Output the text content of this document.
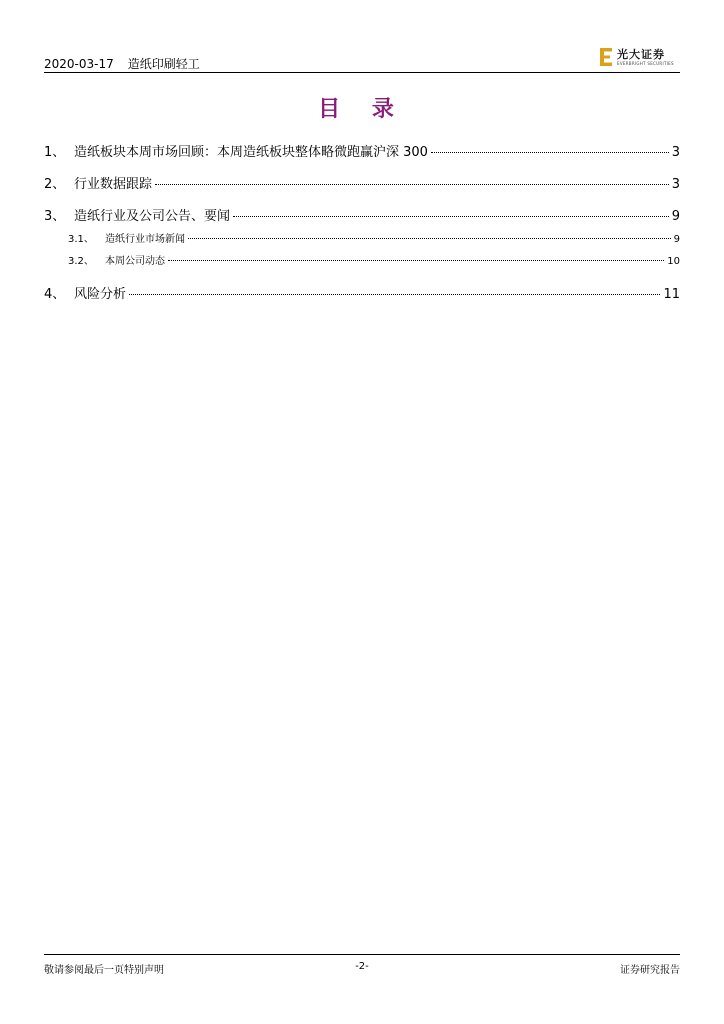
2020-03-17 造纸印刷轻工
光大证券
EVERBRIGHT SECURITIES
目 录
1、 造纸板块本周市场回顾：本周造纸板块整体略微跑赢沪深 300	3
2、 行业数据跟踪	3
3、 造纸行业及公司公告、要闻	9
3.1、	造纸行业市场新闻	9
3.2、	本周公司动态	10
4、 风险分析	11
敬请参阅最后一页特别声明	-2-	证券研究报告
